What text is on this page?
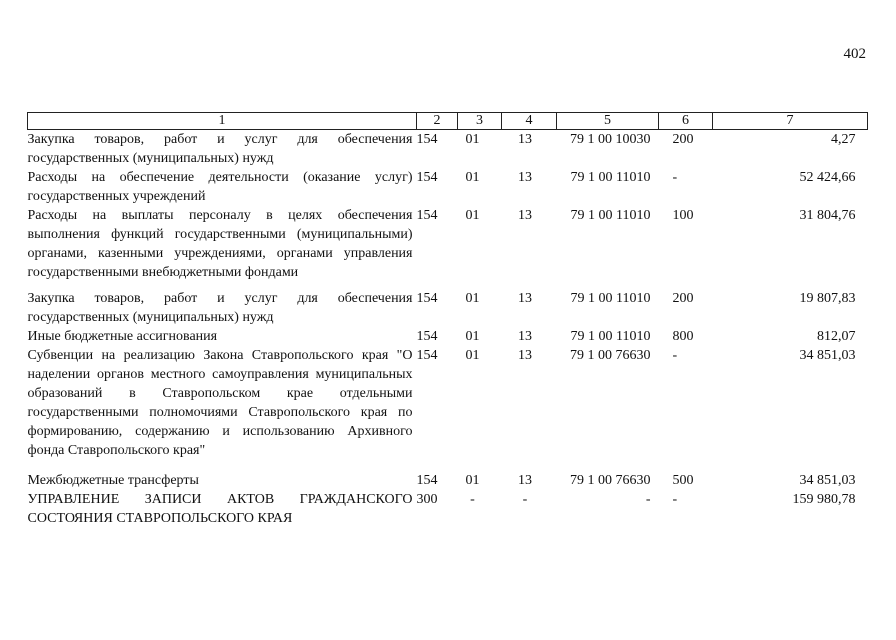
402
1	2	3	4	5	6	7
Закупка товаров, работ и услуг для обеспечения государственных (муниципальных) нужд	154	01	13	79 1 00 10030	200	4,27
Расходы на обеспечение деятельности (оказание услуг) государственных учреждений	154	01	13	79 1 00 11010	-	52 424,66
Расходы на выплаты персоналу в целях обеспечения выполнения функций государственными (муниципальными) органами, казенными учреждениями, органами управления государственными внебюджетными фондами	154	01	13	79 1 00 11010	100	31 804,76
Закупка товаров, работ и услуг для обеспечения государственных (муниципальных) нужд	154	01	13	79 1 00 11010	200	19 807,83
Иные бюджетные ассигнования	154	01	13	79 1 00 11010	800	812,07
Субвенции на реализацию Закона Ставропольского края "О наделении органов местного самоуправления муниципальных образований в Ставропольском крае отдельными государственными полномочиями Ставропольского края по формированию, содержанию и использованию Архивного фонда Ставропольского края"	154	01	13	79 1 00 76630	-	34 851,03
Межбюджетные трансферты	154	01	13	79 1 00 76630	500	34 851,03
УПРАВЛЕНИЕ ЗАПИСИ АКТОВ ГРАЖДАНСКОГО СОСТОЯНИЯ СТАВРОПОЛЬСКОГО КРАЯ	300	-	-	-	-	159 980,78
